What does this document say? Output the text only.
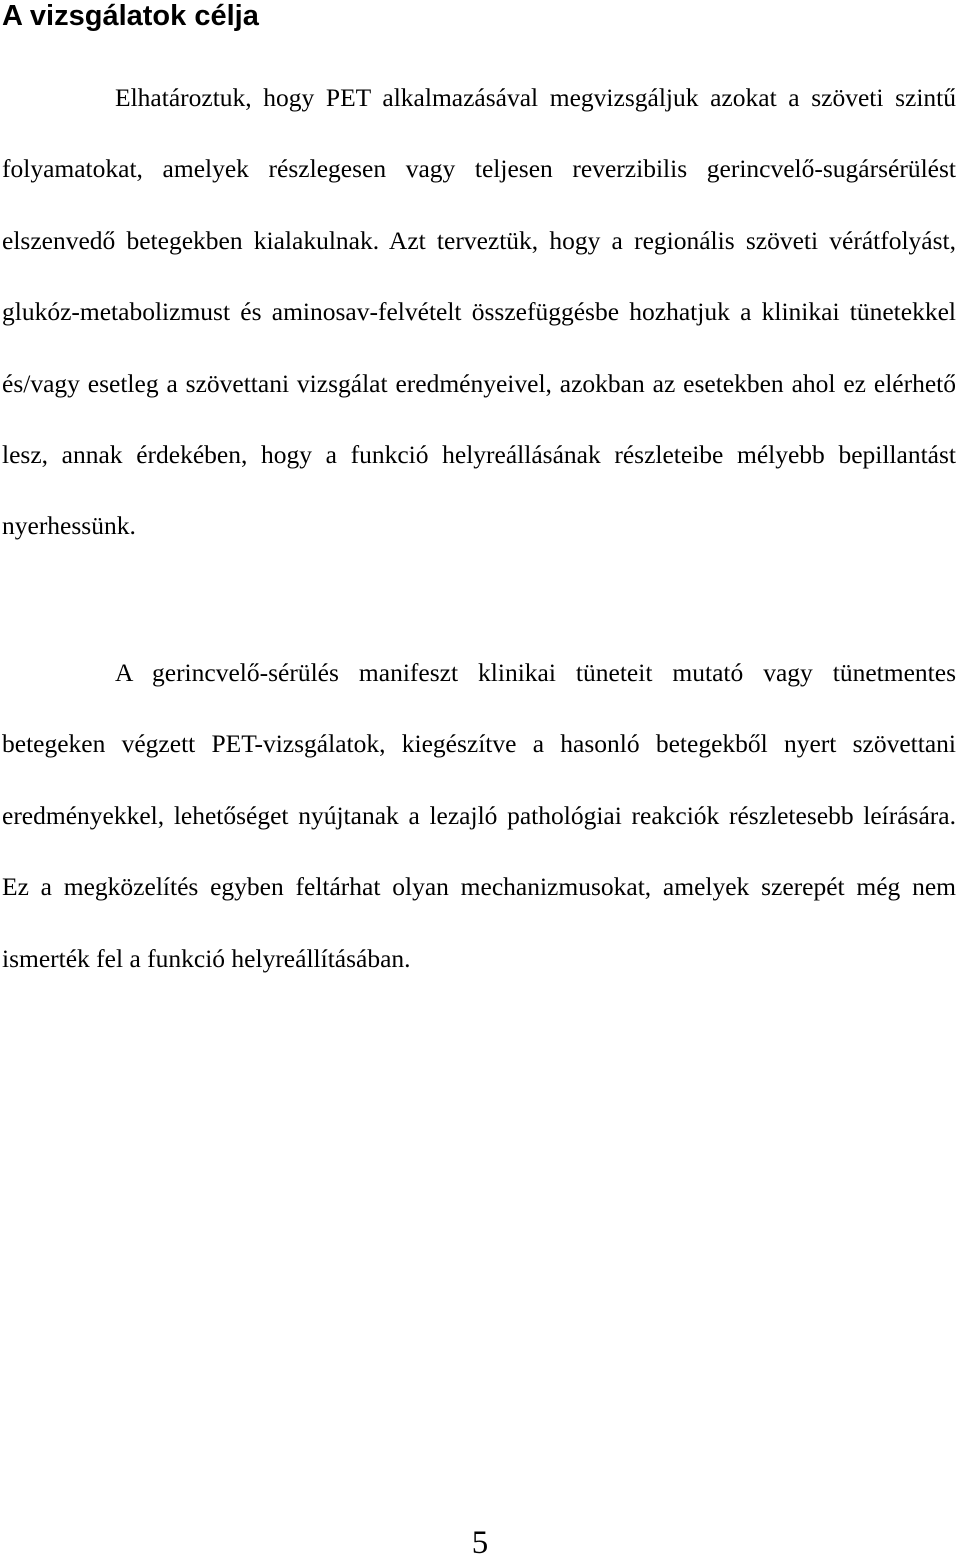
A vizsgálatok célja

Elhatároztuk, hogy PET alkalmazásával megvizsgáljuk azokat a szöveti szintű folyamatokat, amelyek részlegesen vagy teljesen reverzibilis gerincvelő-sugársérülést elszenvedő betegekben kialakulnak. Azt terveztük, hogy a regionális szöveti vérátfolyást, glukóz-metabolizmust és aminosav-felvételt összefüggésbe hozhatjuk a klinikai tünetekkel és/vagy esetleg a szövettani vizsgálat eredményeivel, azokban az esetekben ahol ez elérhető lesz, annak érdekében, hogy a funkció helyreállásának részleteibe mélyebb bepillantást nyerhessünk.

A gerincvelő-sérülés manifeszt klinikai tüneteit mutató vagy tünetmentes betegeken végzett PET-vizsgálatok, kiegészítve a hasonló betegekből nyert szövettani eredményekkel, lehetőséget nyújtanak a lezajló pathológiai reakciók részletesebb leírására. Ez a megközelítés egyben feltárhat olyan mechanizmusokat, amelyek szerepét még nem ismerték fel a funkció helyreállításában.

5
